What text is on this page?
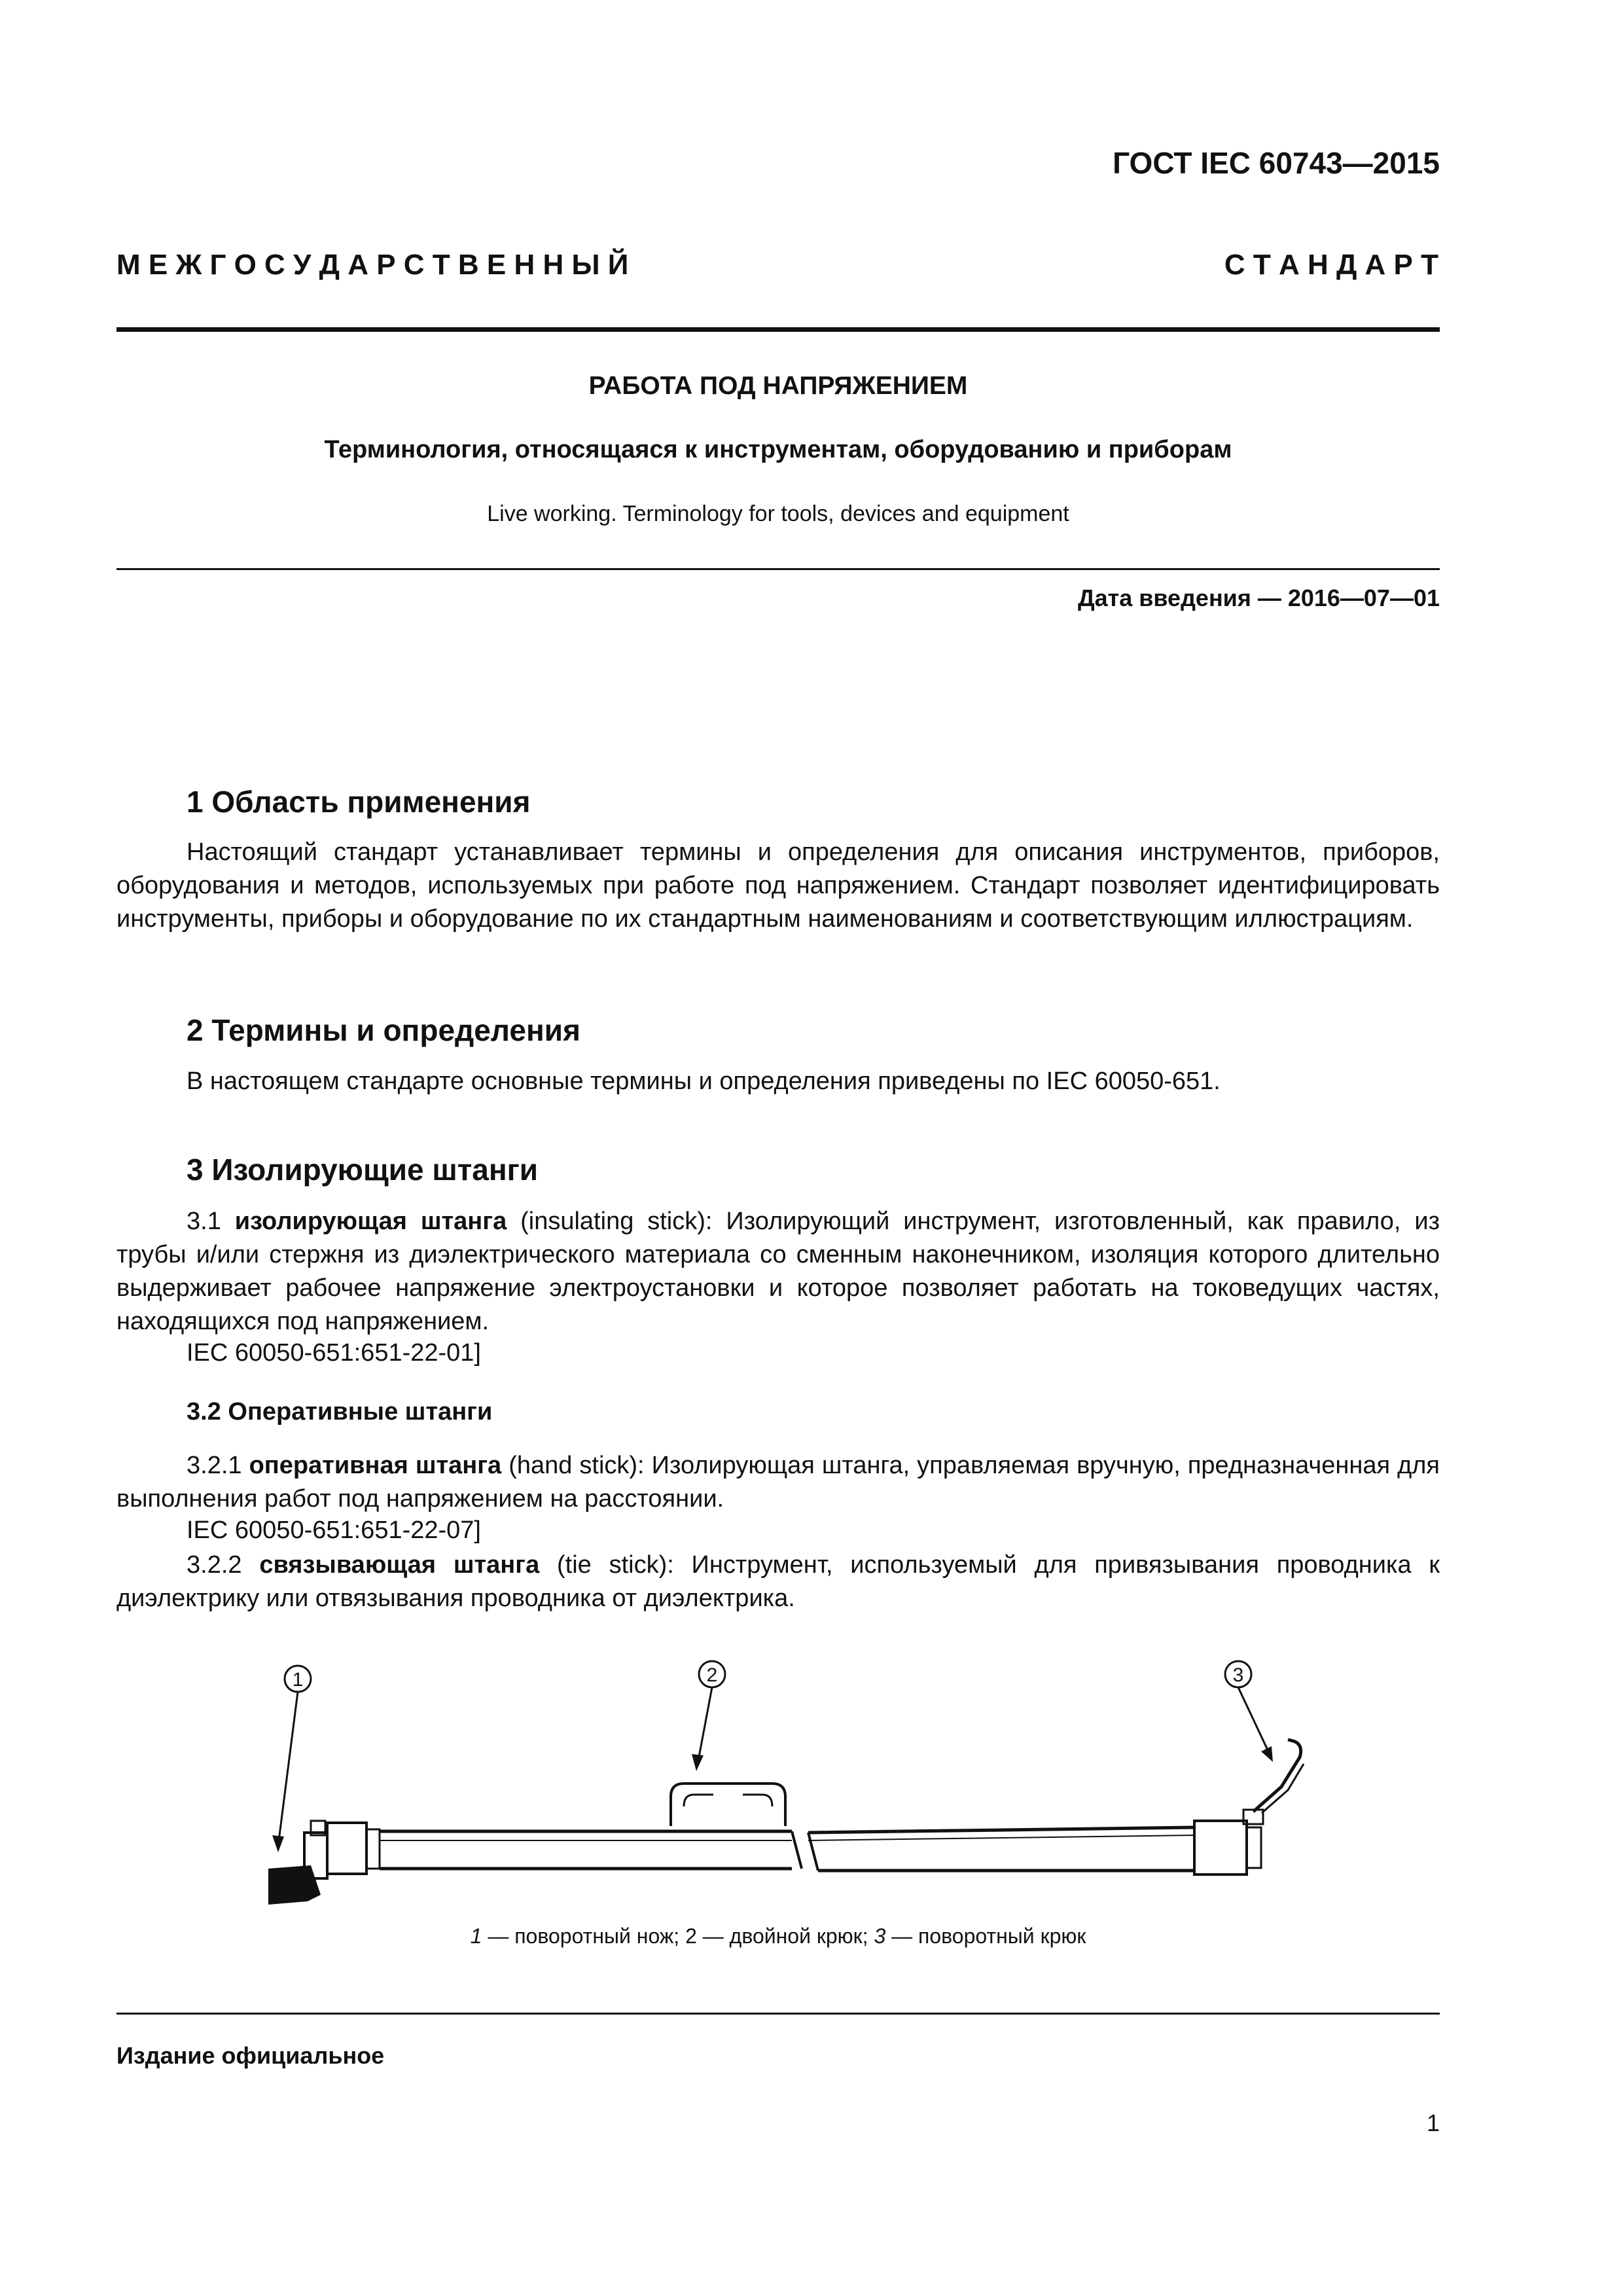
ГОСТ IEC 60743—2015
М Е Ж Г О С У Д А Р С Т В Е Н Н Ы Й	С Т А Н Д А Р Т
РАБОТА ПОД НАПРЯЖЕНИЕМ
Терминология, относящаяся к инструментам, оборудованию и приборам
Live working. Terminology for tools, devices and equipment
Дата введения — 2016—07—01
1 Область применения

Настоящий стандарт устанавливает термины и определения для описания инструментов, приборов, оборудования и методов, используемых при работе под напряжением. Стандарт позволяет идентифицировать инструменты, приборы и оборудование по их стандартным наименованиям и соответствующим иллюстрациям.

2 Термины и определения

В настоящем стандарте основные термины и определения приведены по IEC 60050-651.

3 Изолирующие штанги

3.1 изолирующая штанга (insulating stick): Изолирующий инструмент, изготовленный, как правило, из трубы и/или стержня из диэлектрического материала со сменным наконечником, изоляция которого длительно выдерживает рабочее напряжение электроустановки и которое позволяет работать на токоведущих частях, находящихся под напряжением.

IEC 60050-651:651-22-01]
3.2 Оперативные штанги

3.2.1 оперативная штанга (hand stick): Изолирующая штанга, управляемая вручную, предназначенная для выполнения работ под напряжением на расстоянии.

IEC 60050-651:651-22-07]

3.2.2 связывающая штанга (tie stick): Инструмент, используемый для привязывания проводника к диэлектрику или отвязывания проводника от диэлектрика.

1	2	3
1 — поворотный нож; 2 — двойной крюк; 3 — поворотный крюк
Издание официальное
1
